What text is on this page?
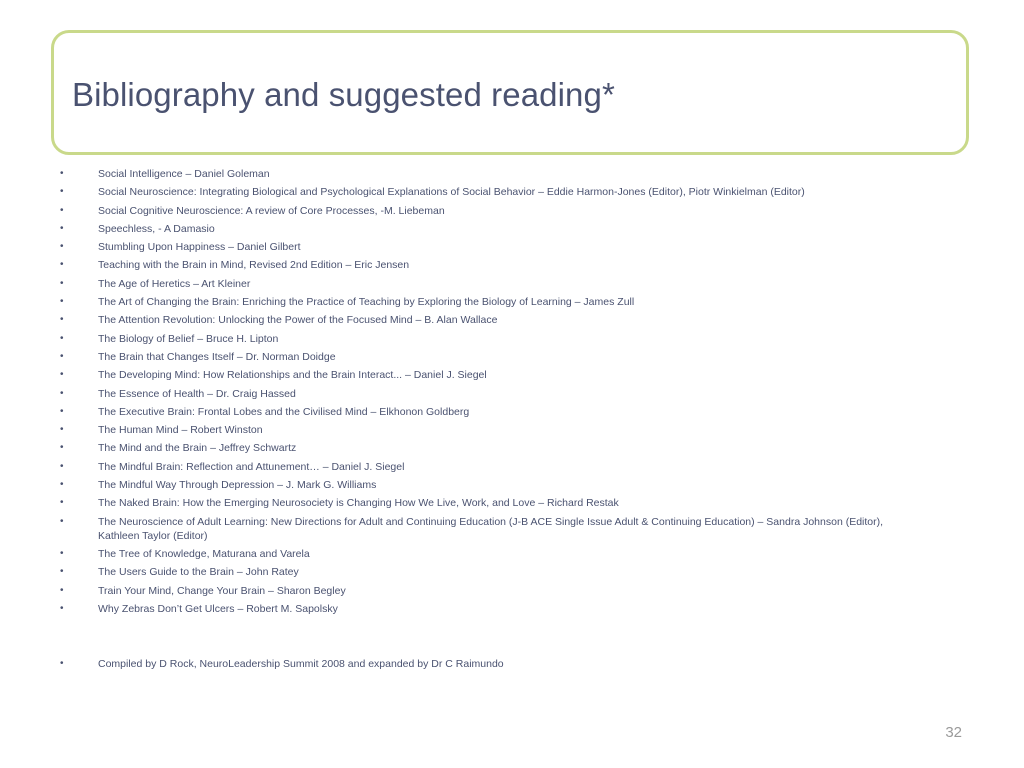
Bibliography and suggested reading*
•	Social Intelligence – Daniel Goleman
•	Social Neuroscience: Integrating Biological and Psychological Explanations of Social Behavior – Eddie Harmon-Jones (Editor), Piotr Winkielman (Editor)
•	Social Cognitive Neuroscience: A review of Core Processes, -M. Liebeman
•	Speechless, - A Damasio
•	Stumbling Upon Happiness – Daniel Gilbert
•	Teaching with the Brain in Mind, Revised 2nd Edition – Eric Jensen
•	The Age of Heretics – Art Kleiner
•	The Art of Changing the Brain: Enriching the Practice of Teaching by Exploring the Biology of Learning – James Zull
•	The Attention Revolution: Unlocking the Power of the Focused Mind – B. Alan Wallace
•	The Biology of Belief – Bruce H. Lipton
•	The Brain that Changes Itself – Dr. Norman Doidge
•	The Developing Mind: How Relationships and the Brain Interact... – Daniel J. Siegel
•	The Essence of Health – Dr. Craig Hassed
•	The Executive Brain: Frontal Lobes and the Civilised Mind – Elkhonon Goldberg
•	The Human Mind – Robert Winston
•	The Mind and the Brain – Jeffrey Schwartz
•	The Mindful Brain: Reflection and Attunement… – Daniel J. Siegel
•	The Mindful Way Through Depression – J. Mark G. Williams
•	The Naked Brain: How the Emerging Neurosociety is Changing How We Live, Work, and Love – Richard Restak
•	The Neuroscience of Adult Learning: New Directions for Adult and Continuing Education (J-B ACE Single Issue Adult & Continuing Education) – Sandra Johnson (Editor), Kathleen Taylor (Editor)
•	The Tree of Knowledge, Maturana and Varela
•	The Users Guide to the Brain – John Ratey
•	Train Your Mind, Change Your Brain – Sharon Begley
•	Why Zebras Don’t Get Ulcers – Robert M. Sapolsky
•	Compiled by D Rock, NeuroLeadership Summit 2008 and expanded by Dr C Raimundo
32
